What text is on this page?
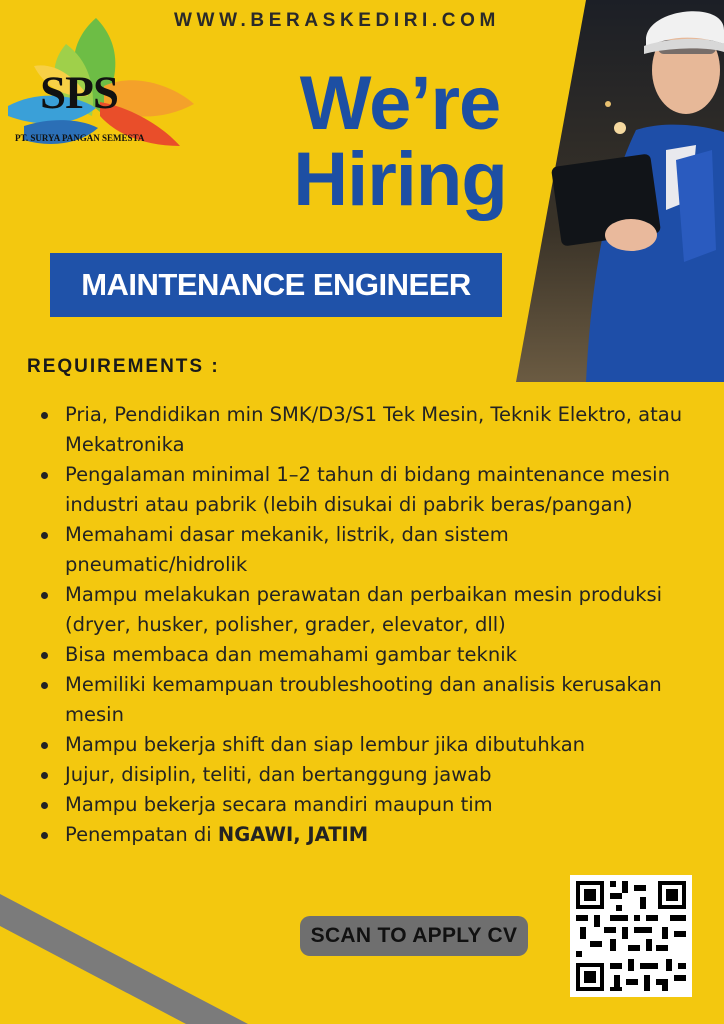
WWW.BERASKEDIRI.COM
SPS
PT. SURYA PANGAN SEMESTA	We’re
Hiring
MAINTENANCE ENGINEER
REQUIREMENTS :
Pria, Pendidikan min SMK/D3/S1 Tek Mesin, Teknik Elektro, atau Mekatronika
Pengalaman minimal 1–2 tahun di bidang maintenance mesin industri atau pabrik (lebih disukai di pabrik beras/pangan)
Memahami dasar mekanik, listrik, dan sistem pneumatic/hidrolik
Mampu melakukan perawatan dan perbaikan mesin produksi (dryer, husker, polisher, grader, elevator, dll)
Bisa membaca dan memahami gambar teknik
Memiliki kemampuan troubleshooting dan analisis kerusakan mesin
Mampu bekerja shift dan siap lembur jika dibutuhkan
Jujur, disiplin, teliti, dan bertanggung jawab
Mampu bekerja secara mandiri maupun tim
Penempatan di NGAWI, JATIM
SCAN TO APPLY CV
